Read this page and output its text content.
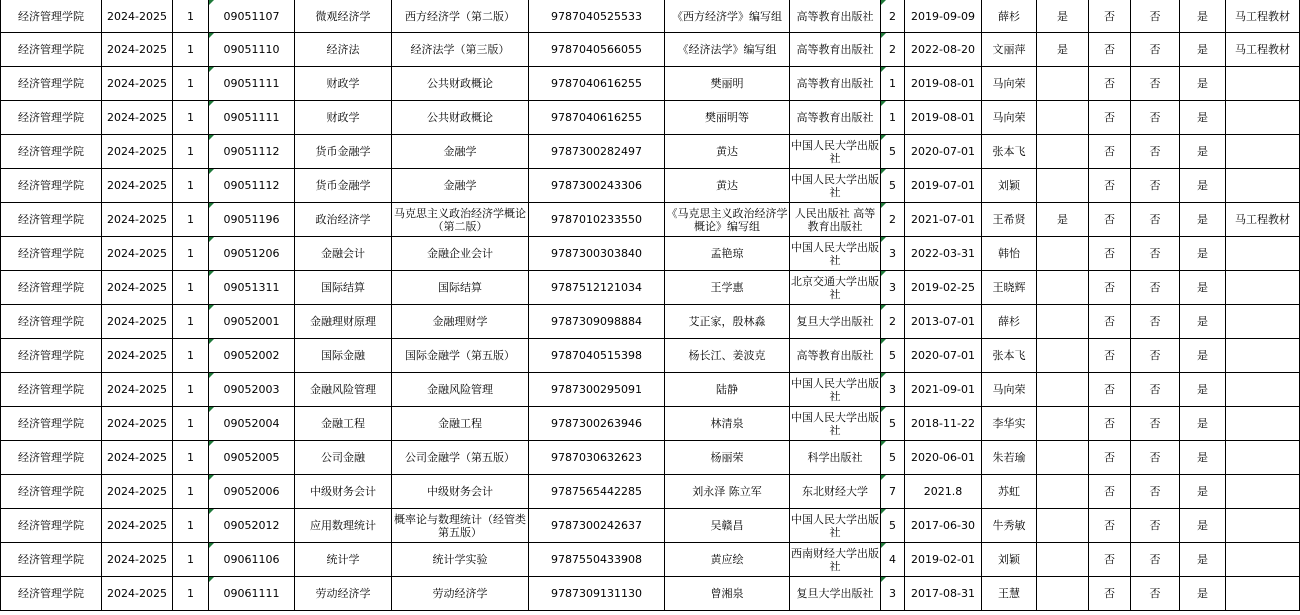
经济管理学院	2024-2025	1	09051107	微观经济学	西方经济学（第二版）	9787040525533	《西方经济学》编写组	高等教育出版社	2	2019-09-09	薛杉	是	否	否	是	马工程教材
经济管理学院	2024-2025	1	09051110	经济法	经济法学（第三版）	9787040566055	《经济法学》编写组	高等教育出版社	2	2022-08-20	文丽萍	是	否	否	是	马工程教材
经济管理学院	2024-2025	1	09051111	财政学	公共财政概论	9787040616255	樊丽明	高等教育出版社	1	2019-08-01	马向荣		否	否	是	
经济管理学院	2024-2025	1	09051111	财政学	公共财政概论	9787040616255	樊丽明等	高等教育出版社	1	2019-08-01	马向荣		否	否	是	
经济管理学院	2024-2025	1	09051112	货币金融学	金融学	9787300282497	黄达	中国人民大学出版社	5	2020-07-01	张本飞		否	否	是	
经济管理学院	2024-2025	1	09051112	货币金融学	金融学	9787300243306	黄达	中国人民大学出版社	5	2019-07-01	刘颖		否	否	是	
经济管理学院	2024-2025	1	09051196	政治经济学	马克思主义政治经济学概论（第二版）	9787010233550	《马克思主义政治经济学概论》编写组	人民出版社 高等教育出版社	2	2021-07-01	王希贤	是	否	否	是	马工程教材
经济管理学院	2024-2025	1	09051206	金融会计	金融企业会计	9787300303840	孟艳琼	中国人民大学出版社	3	2022-03-31	韩怡		否	否	是	
经济管理学院	2024-2025	1	09051311	国际结算	国际结算	9787512121034	王学惠	北京交通大学出版社	3	2019-02-25	王晓辉		否	否	是	
经济管理学院	2024-2025	1	09052001	金融理财原理	金融理财学	9787309098884	艾正家，殷林淼	复旦大学出版社	2	2013-07-01	薛杉		否	否	是	
经济管理学院	2024-2025	1	09052002	国际金融	国际金融学（第五版）	9787040515398	杨长江、姜波克	高等教育出版社	5	2020-07-01	张本飞		否	否	是	
经济管理学院	2024-2025	1	09052003	金融风险管理	金融风险管理	9787300295091	陆静	中国人民大学出版社	3	2021-09-01	马向荣		否	否	是	
经济管理学院	2024-2025	1	09052004	金融工程	金融工程	9787300263946	林清泉	中国人民大学出版社	5	2018-11-22	李华实		否	否	是	
经济管理学院	2024-2025	1	09052005	公司金融	公司金融学（第五版）	9787030632623	杨丽荣	科学出版社	5	2020-06-01	朱若瑜		否	否	是	
经济管理学院	2024-2025	1	09052006	中级财务会计	中级财务会计	9787565442285	刘永泽 陈立军	东北财经大学	7	2021.8	苏虹		否	否	是	
经济管理学院	2024-2025	1	09052012	应用数理统计	概率论与数理统计（经管类第五版）	9787300242637	吴赣昌	中国人民大学出版社	5	2017-06-30	牛秀敏		否	否	是	
经济管理学院	2024-2025	1	09061106	统计学	统计学实验	9787550433908	黄应绘	西南财经大学出版社	4	2019-02-01	刘颖		否	否	是	
经济管理学院	2024-2025	1	09061111	劳动经济学	劳动经济学	9787309131130	曾湘泉	复旦大学出版社	3	2017-08-31	王慧		否	否	是	
